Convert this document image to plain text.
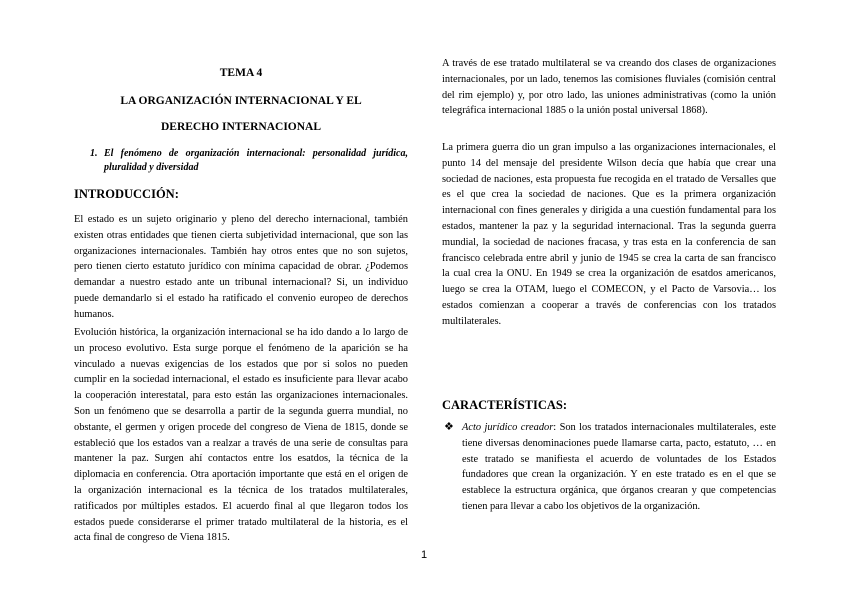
TEMA 4
LA ORGANIZACIÓN INTERNACIONAL Y EL
DERECHO INTERNACIONAL
1. El fenómeno de organización internacional: personalidad jurídica, pluralidad y diversidad
INTRODUCCIÓN:
El estado es un sujeto originario y pleno del derecho internacional, también existen otras entidades que tienen cierta subjetividad internacional, que son las organizaciones internacionales. También hay otros entes que no son sujetos, pero tienen cierto estatuto jurídico con mínima capacidad de obrar. ¿Podemos demandar a nuestro estado ante un tribunal internacional? Si, un individuo puede demandarlo si el estado ha ratificado el convenio europeo de derechos humanos.
Evolución histórica, la organización internacional se ha ido dando a lo largo de un proceso evolutivo. Esta surge porque el fenómeno de la aparición se ha vinculado a nuevas exigencias de los estados que por si solos no pueden cumplir en la sociedad internacional, el estado es insuficiente para llevar acabo la cooperación interestatal, para esto están las organizaciones internacionales. Son un fenómeno que se desarrolla a partir de la segunda guerra mundial, no obstante, el germen y origen procede del congreso de Viena de 1815, donde se estableció que los estados van a realzar a través de una serie de consultas para mantener la paz. Surgen ahí contactos entre los esatdos, la técnica de la diplomacia en conferencia. Otra aportación importante que está en el origen de la organización internacional es la técnica de los tratados multilaterales, ratificados por múltiples estados. El acuerdo final al que llegaron todos los estados puede considerarse el primer tratado multilateral de la historia, es el acta final de congreso de Viena 1815.
A través de ese tratado multilateral se va creando dos clases de organizaciones internacionales, por un lado, tenemos las comisiones fluviales (comisión central del rim ejemplo) y, por otro lado, las uniones administrativas (como la unión telegráfica internacional 1885 o la unión postal universal 1868).
La primera guerra dio un gran impulso a las organizaciones internacionales, el punto 14 del mensaje del presidente Wilson decía que había que crear una sociedad de naciones, esta propuesta fue recogida en el tratado de Versalles que es el que crea la sociedad de naciones. Que es la primera organización internacional con fines generales y dirigida a una cuestión fundamental para los estados, mantener la paz y la seguridad internacional. Tras la segunda guerra mundial, la sociedad de naciones fracasa, y tras esta en la conferencia de san francisco celebrada entre abril y junio de 1945 se crea la carta de san francisco la cual crea la ONU. En 1949 se crea la organización de esatdos americanos, luego se crea la OTAM, luego el COMECON, y el Pacto de Varsovia… los estados comienzan a cooperar a través de conferencias con los tratados multilaterales.
CARACTERÍSTICAS:
❖ Acto jurídico creador: Son los tratados internacionales multilaterales, este tiene diversas denominaciones puede llamarse carta, pacto, estatuto, … en este tratado se manifiesta el acuerdo de voluntades de los Estados fundadores que crean la organización. Y en este tratado es en el que se establece la estructura orgánica, que órganos crearan y que competencias tienen para llevar a cabo los objetivos de la organización.
1
